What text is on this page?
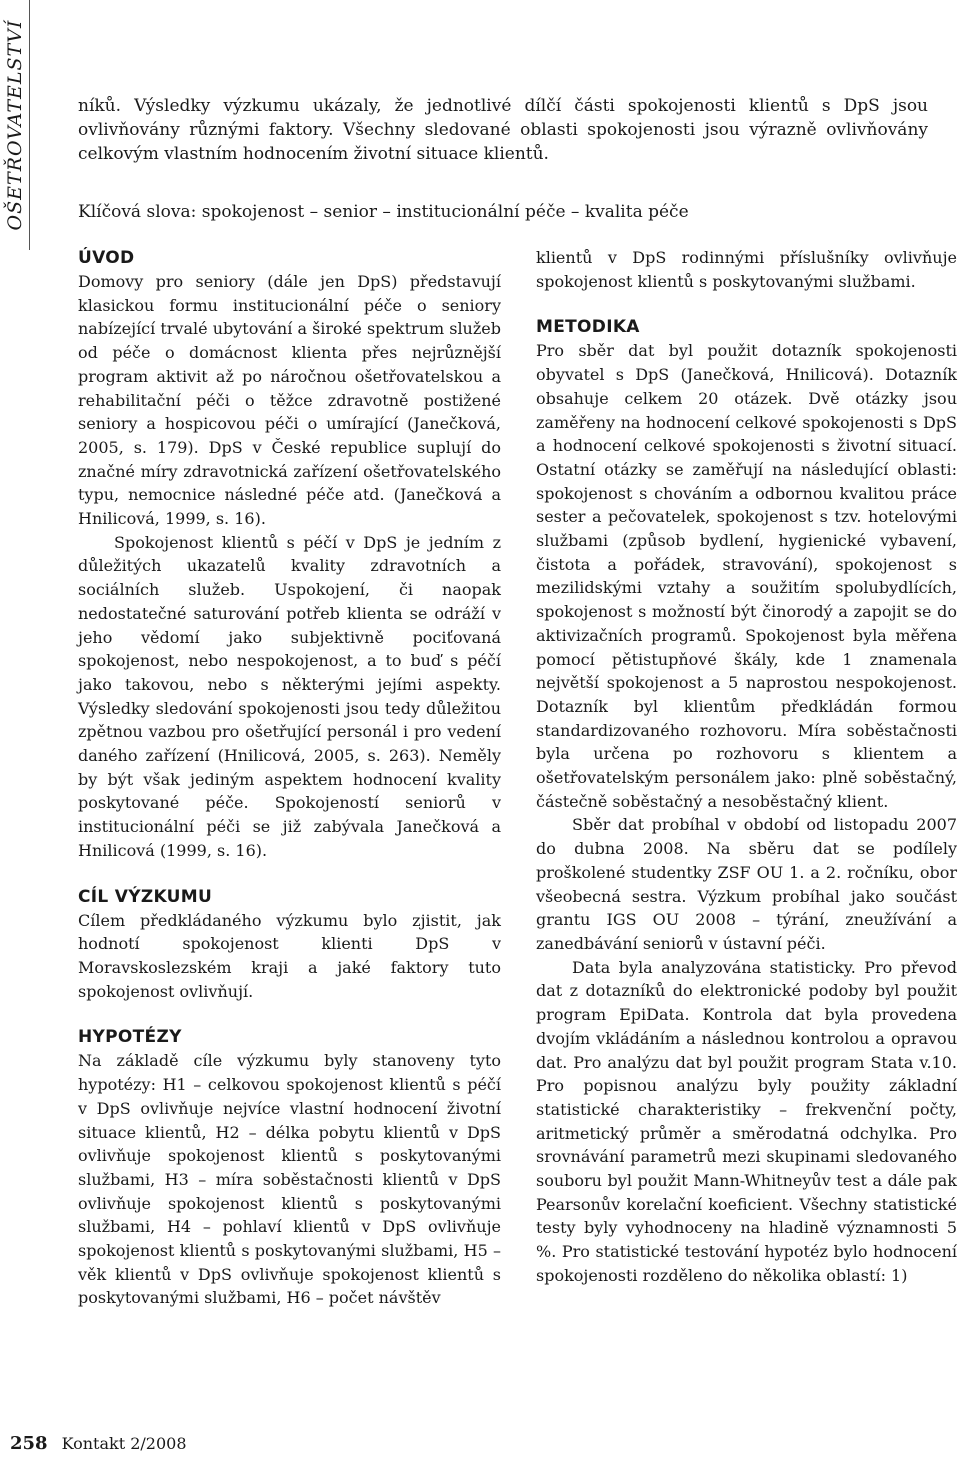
OŠETŘOVATELSTVÍ	níků. Výsledky výzkumu ukázaly, že jednotlivé dílčí části spokojenosti klientů s DpS jsou ovlivňovány různými faktory. Všechny sledované oblasti spokojenosti jsou výrazně ovlivňovány celkovým vlastním hodnocením životní situace klientů.
Klíčová slova: spokojenost – senior – institucionální péče – kvalita péče
ÚVOD

Domovy pro seniory (dále jen DpS) představují klasickou formu institucionální péče o seniory nabízející trvalé ubytování a široké spektrum služeb od péče o domácnost klienta přes nejrůznější program aktivit až po náročnou ošetřovatelskou a rehabilitační péči o těžce zdravotně postižené seniory a hospicovou péči o umírající (Janečková, 2005, s. 179). DpS v České republice suplují do značné míry zdravotnická zařízení ošetřovatelského typu, nemocnice následné péče atd. (Janečková a Hnilicová, 1999, s. 16).

Spokojenost klientů s péčí v DpS je jedním z důležitých ukazatelů kvality zdravotních a sociálních služeb. Uspokojení, či naopak nedostatečné saturování potřeb klienta se odráží v jeho vědomí jako subjektivně pociťovaná spokojenost, nebo nespokojenost, a to buď s péčí jako takovou, nebo s některými jejími aspekty. Výsledky sledování spokojenosti jsou tedy důležitou zpětnou vazbou pro ošetřující personál i pro vedení daného zařízení (Hnilicová, 2005, s. 263). Neměly by být však jediným aspektem hodnocení kvality poskytované péče. Spokojeností seniorů v institucionální péči se již zabývala Janečková a Hnilicová (1999, s. 16).

CÍL VÝZKUMU

Cílem předkládaného výzkumu bylo zjistit, jak hodnotí spokojenost klienti DpS v Moravskoslezském kraji a jaké faktory tuto spokojenost ovlivňují.

HYPOTÉZY

Na základě cíle výzkumu byly stanoveny tyto hypotézy: H1 – celkovou spokojenost klientů s péčí v DpS ovlivňuje nejvíce vlastní hodnocení životní situace klientů, H2 – délka pobytu klientů v DpS ovlivňuje spokojenost klientů s poskytovanými službami, H3 – míra soběstačnosti klientů v DpS ovlivňuje spokojenost klientů s poskytovanými službami, H4 – pohlaví klientů v DpS ovlivňuje spokojenost klientů s poskytovanými službami, H5 – věk klientů v DpS ovlivňuje spokojenost klientů s poskytovanými službami, H6 – počet návštěv

klientů v DpS rodinnými příslušníky ovlivňuje spokojenost klientů s poskytovanými službami.

METODIKA

Pro sběr dat byl použit dotazník spokojenosti obyvatel s DpS (Janečková, Hnilicová). Dotazník obsahuje celkem 20 otázek. Dvě otázky jsou zaměřeny na hodnocení celkové spokojenosti s DpS a hodnocení celkové spokojenosti s životní situací. Ostatní otázky se zaměřují na následující oblasti: spokojenost s chováním a odbornou kvalitou práce sester a pečovatelek, spokojenost s tzv. hotelovými službami (způsob bydlení, hygienické vybavení, čistota a pořádek, stravování), spokojenost s mezilidskými vztahy a soužitím spolubydlících, spokojenost s možností být činorodý a zapojit se do aktivizačních programů. Spokojenost byla měřena pomocí pětistupňové škály, kde 1 znamenala největší spokojenost a 5 naprostou nespokojenost. Dotazník byl klientům předkládán formou standardizovaného rozhovoru. Míra soběstačnosti byla určena po rozhovoru s klientem a ošetřovatelským personálem jako: plně soběstačný, částečně soběstačný a nesoběstačný klient.

Sběr dat probíhal v období od listopadu 2007 do dubna 2008. Na sběru dat se podílely proškolené studentky ZSF OU 1. a 2. ročníku, obor všeobecná sestra. Výzkum probíhal jako součást grantu IGS OU 2008 – týrání, zneužívání a zanedbávání seniorů v ústavní péči.

Data byla analyzována statisticky. Pro převod dat z dotazníků do elektronické podoby byl použit program EpiData. Kontrola dat byla provedena dvojím vkládáním a následnou kontrolou a opravou dat. Pro analýzu dat byl použit program Stata v.10. Pro popisnou analýzu byly použity základní statistické charakteristiky – frekvenční počty, aritmetický průměr a směrodatná odchylka. Pro srovnávání parametrů mezi skupinami sledovaného souboru byl použit Mann-Whitneyův test a dále pak Pearsonův korelační koeficient. Všechny statistické testy byly vyhodnoceny na hladině významnosti 5 %. Pro statistické testování hypotéz bylo hodnocení spokojenosti rozděleno do několika oblastí: 1)

258 Kontakt 2/2008
